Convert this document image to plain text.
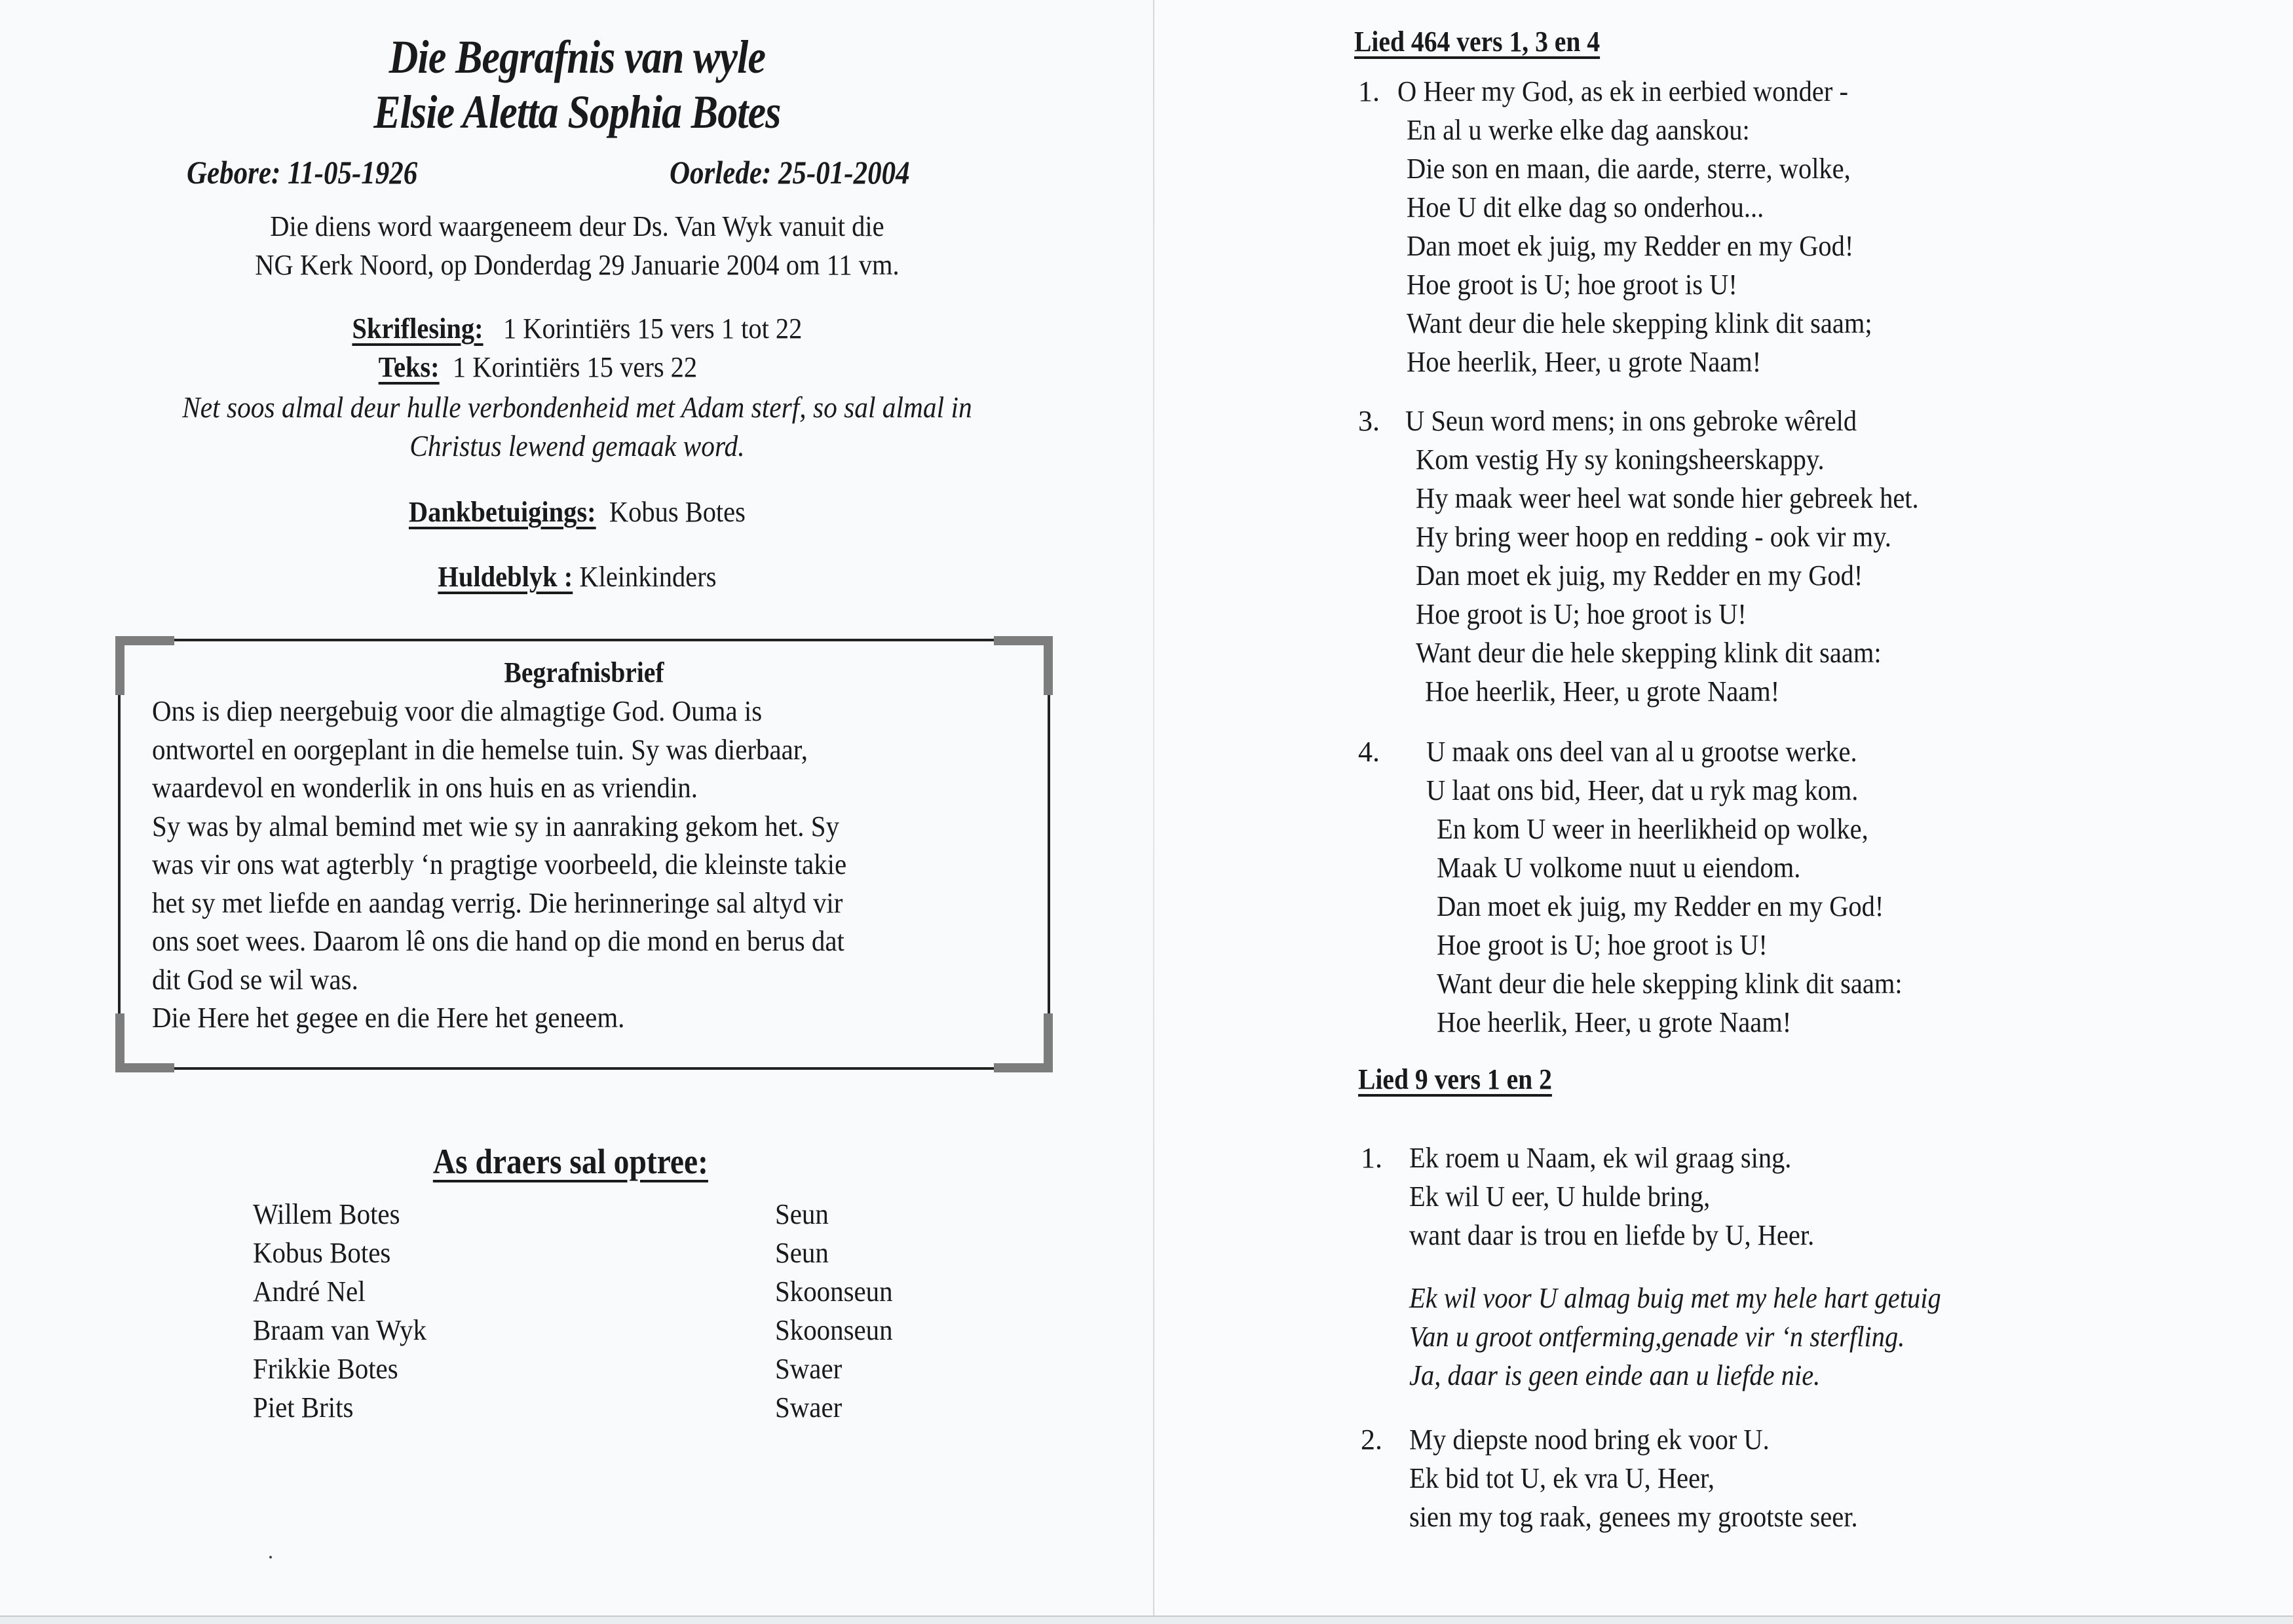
Die Begrafnis van wyle
Elsie Aletta Sophia Botes
Gebore: 11-05-1926	Oorlede: 25-01-2004
Die diens word waargeneem deur Ds. Van Wyk vanuit die
NG Kerk Noord, op Donderdag 29 Januarie 2004 om 11 vm.
Skriflesing: 1 Korintiërs 15 vers 1 tot 22
Teks: 1 Korintiërs 15 vers 22
Net soos almal deur hulle verbondenheid met Adam sterf, so sal almal in
Christus lewend gemaak word.
Dankbetuigings: Kobus Botes
Huldeblyk : Kleinkinders
Begrafnisbrief
Ons is diep neergebuig voor die almagtige God. Ouma is
ontwortel en oorgeplant in die hemelse tuin. Sy was dierbaar,
waardevol en wonderlik in ons huis en as vriendin.
Sy was by almal bemind met wie sy in aanraking gekom het. Sy
was vir ons wat agterbly ‘n pragtige voorbeeld, die kleinste takie
het sy met liefde en aandag verrig. Die herinneringe sal altyd vir
ons soet wees. Daarom lê ons die hand op die mond en berus dat
dit God se wil was.
Die Here het gegee en die Here het geneem.
As draers sal optree:
Willem Botes	Seun
Kobus Botes	Seun
André Nel	Skoonseun
Braam van Wyk	Skoonseun
Frikkie Botes	Swaer
Piet Brits	Swaer
Lied 464 vers 1, 3 en 4
1. O Heer my God, as ek in eerbied wonder -
En al u werke elke dag aanskou:
Die son en maan, die aarde, sterre, wolke,
Hoe U dit elke dag so onderhou...
Dan moet ek juig, my Redder en my God!
Hoe groot is U; hoe groot is U!
Want deur die hele skepping klink dit saam;
Hoe heerlik, Heer, u grote Naam!
3. U Seun word mens; in ons gebroke wêreld
Kom vestig Hy sy koningsheerskappy.
Hy maak weer heel wat sonde hier gebreek het.
Hy bring weer hoop en redding - ook vir my.
Dan moet ek juig, my Redder en my God!
Hoe groot is U; hoe groot is U!
Want deur die hele skepping klink dit saam:
Hoe heerlik, Heer, u grote Naam!
4. U maak ons deel van al u grootse werke.
U laat ons bid, Heer, dat u ryk mag kom.
En kom U weer in heerlikheid op wolke,
Maak U volkome nuut u eiendom.
Dan moet ek juig, my Redder en my God!
Hoe groot is U; hoe groot is U!
Want deur die hele skepping klink dit saam:
Hoe heerlik, Heer, u grote Naam!
Lied 9 vers 1 en 2
1. Ek roem u Naam, ek wil graag sing.
Ek wil U eer, U hulde bring,
want daar is trou en liefde by U, Heer.
Ek wil voor U almag buig met my hele hart getuig
Van u groot ontferming,genade vir ‘n sterfling.
Ja, daar is geen einde aan u liefde nie.
2. My diepste nood bring ek voor U.
Ek bid tot U, ek vra U, Heer,
sien my tog raak, genees my grootste seer.
